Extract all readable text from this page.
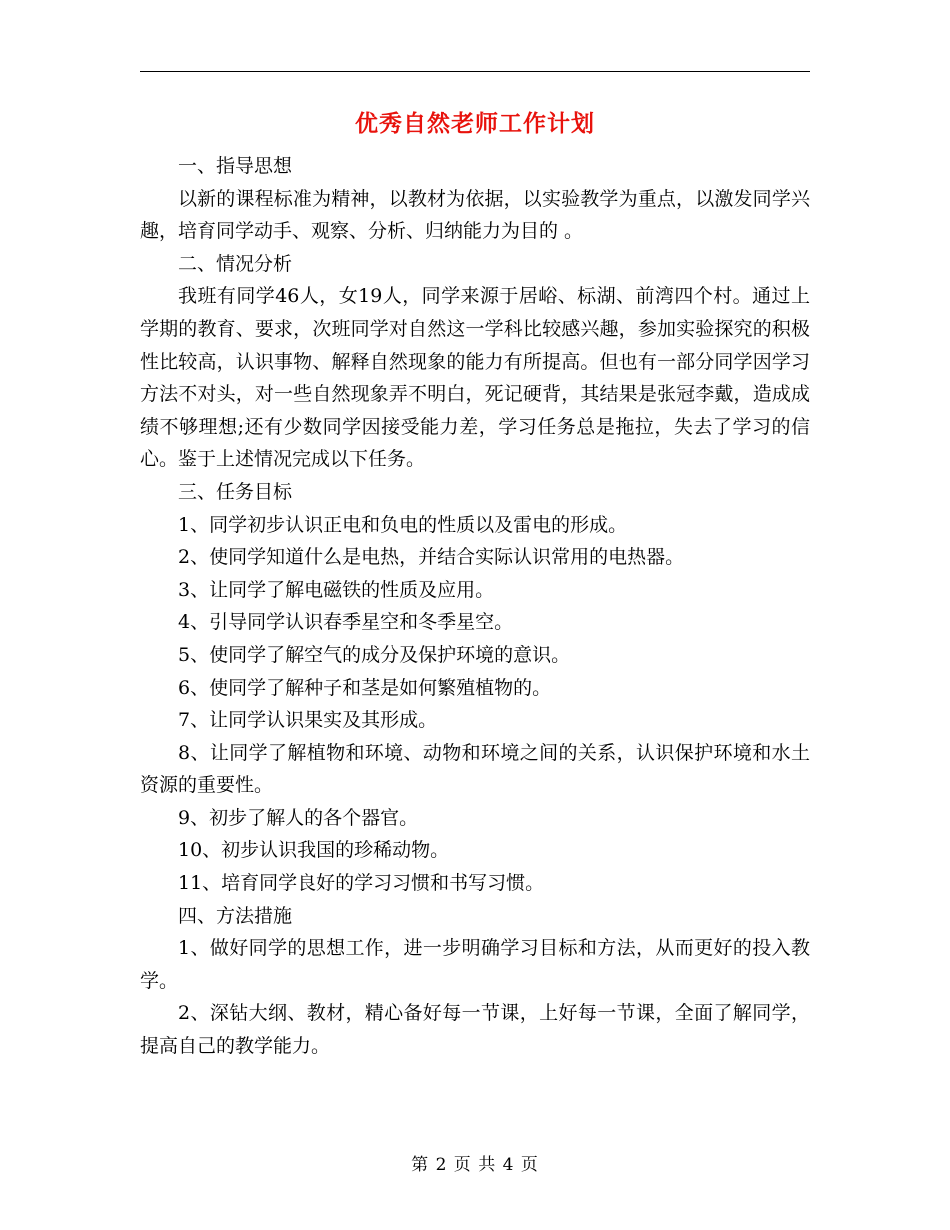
优秀自然老师工作计划

一、指导思想

以新的课程标准为精神，以教材为依据，以实验教学为重点，以激发同学兴趣，培育同学动手、观察、分析、归纳能力为目的 。

二、情况分析

我班有同学46人，女19人，同学来源于居峪、标湖、前湾四个村。通过上学期的教育、要求，次班同学对自然这一学科比较感兴趣，参加实验探究的积极性比较高，认识事物、解释自然现象的能力有所提高。但也有一部分同学因学习方法不对头，对一些自然现象弄不明白，死记硬背，其结果是张冠李戴，造成成绩不够理想;还有少数同学因接受能力差，学习任务总是拖拉，失去了学习的信心。鉴于上述情况完成以下任务。

三、任务目标

1、同学初步认识正电和负电的性质以及雷电的形成。

2、使同学知道什么是电热，并结合实际认识常用的电热器。

3、让同学了解电磁铁的性质及应用。

4、引导同学认识春季星空和冬季星空。

5、使同学了解空气的成分及保护环境的意识。

6、使同学了解种子和茎是如何繁殖植物的。

7、让同学认识果实及其形成。

8、让同学了解植物和环境、动物和环境之间的关系，认识保护环境和水土资源的重要性。

9、初步了解人的各个器官。

10、初步认识我国的珍稀动物。

11、培育同学良好的学习习惯和书写习惯。

四、方法措施

1、做好同学的思想工作，进一步明确学习目标和方法，从而更好的投入教学。

2、深钻大纲、教材，精心备好每一节课，上好每一节课，全面了解同学，提高自己的教学能力。

第 2 页 共 4 页
